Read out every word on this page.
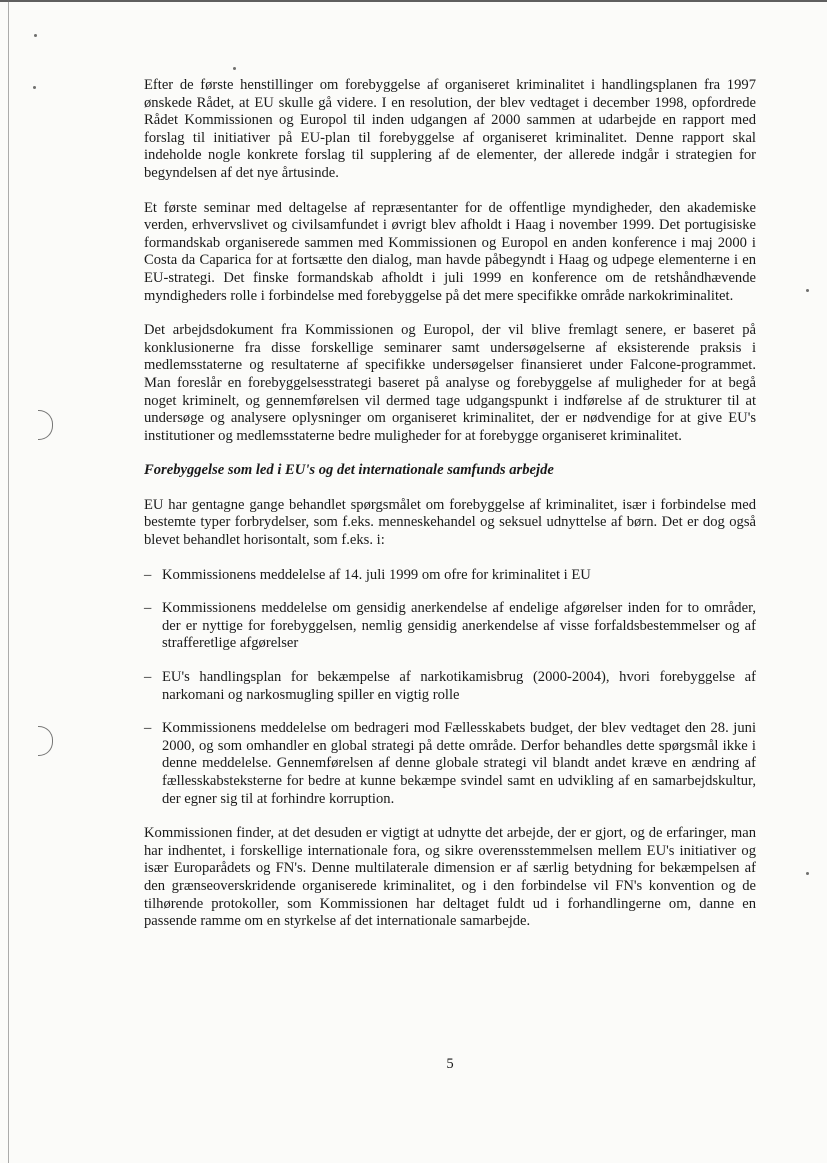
Efter de første henstillinger om forebyggelse af organiseret kriminalitet i handlingsplanen fra 1997 ønskede Rådet, at EU skulle gå videre. I en resolution, der blev vedtaget i december 1998, opfordrede Rådet Kommissionen og Europol til inden udgangen af 2000 sammen at udarbejde en rapport med forslag til initiativer på EU-plan til forebyggelse af organiseret kriminalitet. Denne rapport skal indeholde nogle konkrete forslag til supplering af de elementer, der allerede indgår i strategien for begyndelsen af det nye årtusinde.

Et første seminar med deltagelse af repræsentanter for de offentlige myndigheder, den akademiske verden, erhvervslivet og civilsamfundet i øvrigt blev afholdt i Haag i november 1999. Det portugisiske formandskab organiserede sammen med Kommissionen og Europol en anden konference i maj 2000 i Costa da Caparica for at fortsætte den dialog, man havde påbegyndt i Haag og udpege elementerne i en EU-strategi. Det finske formandskab afholdt i juli 1999 en konference om de retshåndhævende myndigheders rolle i forbindelse med forebyggelse på det mere specifikke område narkokriminalitet.

Det arbejdsdokument fra Kommissionen og Europol, der vil blive fremlagt senere, er baseret på konklusionerne fra disse forskellige seminarer samt undersøgelserne af eksisterende praksis i medlemsstaterne og resultaterne af specifikke undersøgelser finansieret under Falcone-programmet. Man foreslår en forebyggelsesstrategi baseret på analyse og forebyggelse af muligheder for at begå noget kriminelt, og gennemførelsen vil dermed tage udgangspunkt i indførelse af de strukturer til at undersøge og analysere oplysninger om organiseret kriminalitet, der er nødvendige for at give EU's institutioner og medlemsstaterne bedre muligheder for at forebygge organiseret kriminalitet.

Forebyggelse som led i EU's og det internationale samfunds arbejde

EU har gentagne gange behandlet spørgsmålet om forebyggelse af kriminalitet, især i forbindelse med bestemte typer forbrydelser, som f.eks. menneskehandel og seksuel udnyttelse af børn. Det er dog også blevet behandlet horisontalt, som f.eks. i:

– Kommissionens meddelelse af 14. juli 1999 om ofre for kriminalitet i EU
– Kommissionens meddelelse om gensidig anerkendelse af endelige afgørelser inden for to områder, der er nyttige for forebyggelsen, nemlig gensidig anerkendelse af visse forfaldsbestemmelser og af strafferetlige afgørelser
– EU's handlingsplan for bekæmpelse af narkotikamisbrug (2000-2004), hvori forebyggelse af narkomani og narkosmugling spiller en vigtig rolle
– Kommissionens meddelelse om bedrageri mod Fællesskabets budget, der blev vedtaget den 28. juni 2000, og som omhandler en global strategi på dette område. Derfor behandles dette spørgsmål ikke i denne meddelelse. Gennemførelsen af denne globale strategi vil blandt andet kræve en ændring af fællesskabsteksterne for bedre at kunne bekæmpe svindel samt en udvikling af en samarbejdskultur, der egner sig til at forhindre korruption.

Kommissionen finder, at det desuden er vigtigt at udnytte det arbejde, der er gjort, og de erfaringer, man har indhentet, i forskellige internationale fora, og sikre overensstemmelsen mellem EU's initiativer og især Europarådets og FN's. Denne multilaterale dimension er af særlig betydning for bekæmpelsen af den grænseoverskridende organiserede kriminalitet, og i den forbindelse vil FN's konvention og de tilhørende protokoller, som Kommissionen har deltaget fuldt ud i forhandlingerne om, danne en passende ramme om en styrkelse af det internationale samarbejde.

5
